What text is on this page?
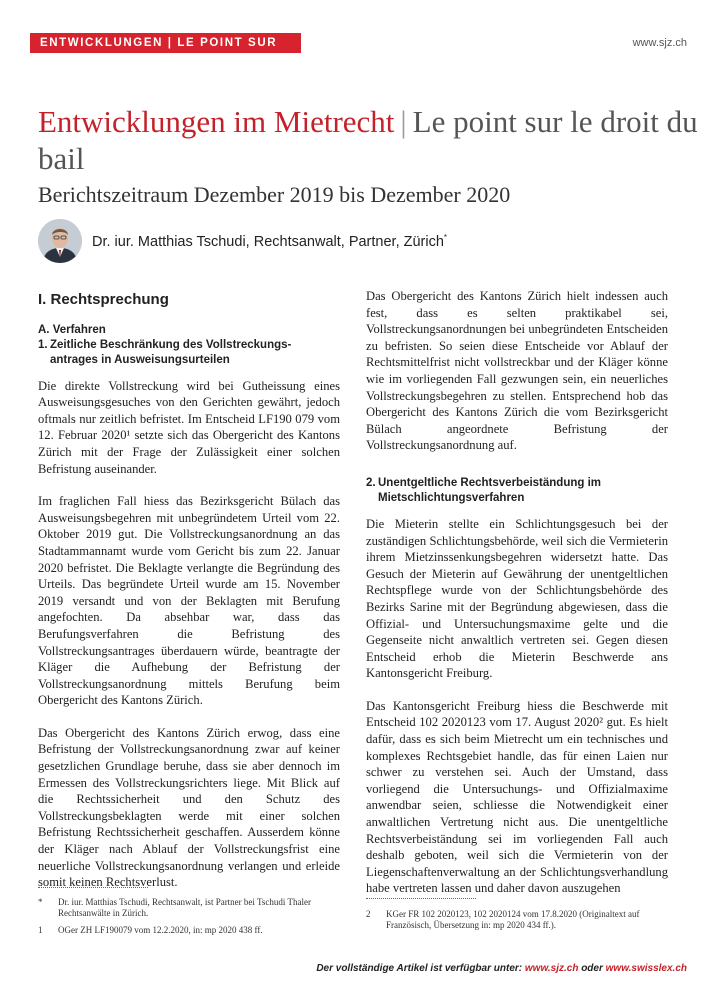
ENTWICKLUNGEN | LE POINT SUR	www.sjz.ch
Entwicklungen im Mietrecht | Le point sur le droit du bail
Berichtszeitraum Dezember 2019 bis Dezember 2020
Dr. iur. Matthias Tschudi, Rechtsanwalt, Partner, Zürich*
I. Rechtsprechung
A. Verfahren
1. Zeitliche Beschränkung des Vollstreckungs-
antrages in Ausweisungsurteilen

Die direkte Vollstreckung wird bei Gutheissung eines Ausweisungsgesuches von den Gerichten gewährt, jedoch oftmals nur zeitlich befristet. Im Entscheid LF190 079 vom 12. Februar 2020¹ setzte sich das Obergericht des Kantons Zürich mit der Frage der Zulässigkeit einer solchen Befristung auseinander.

Im fraglichen Fall hiess das Bezirksgericht Bülach das Ausweisungsbegehren mit unbegründetem Urteil vom 22. Oktober 2019 gut. Die Vollstreckungsanordnung an das Stadtammannamt wurde vom Gericht bis zum 22. Januar 2020 befristet. Die Beklagte verlangte die Begründung des Urteils. Das begründete Urteil wurde am 15. November 2019 versandt und von der Beklagten mit Berufung angefochten. Da absehbar war, dass das Berufungsverfahren die Befristung des Vollstreckungsantrages überdauern würde, beantragte der Kläger die Aufhebung der Befristung der Vollstreckungsanordnung mittels Berufung beim Obergericht des Kantons Zürich.

Das Obergericht des Kantons Zürich erwog, dass eine Befristung der Vollstreckungsanordnung zwar auf keiner gesetzlichen Grundlage beruhe, dass sie aber dennoch im Ermessen des Vollstreckungsrichters liege. Mit Blick auf die Rechtssicherheit und den Schutz des Vollstreckungsbeklagten werde mit einer solchen Befristung Rechtssicherheit geschaffen. Ausserdem könne der Kläger nach Ablauf der Vollstreckungsfrist eine neuerliche Vollstreckungsanordnung verlangen und erleide somit keinen Rechtsverlust.

Das Obergericht des Kantons Zürich hielt indessen auch fest, dass es selten praktikabel sei, Vollstreckungsanordnungen bei unbegründeten Entscheiden zu befristen. So seien diese Entscheide vor Ablauf der Rechtsmittelfrist nicht vollstreckbar und der Kläger könne wie im vorliegenden Fall gezwungen sein, ein neuerliches Vollstreckungsbegehren zu stellen. Entsprechend hob das Obergericht des Kantons Zürich die vom Bezirksgericht Bülach angeordnete Befristung der Vollstreckungsanordnung auf.

2. Unentgeltliche Rechtsverbeiständung im
Mietschlichtungsverfahren

Die Mieterin stellte ein Schlichtungsgesuch bei der zuständigen Schlichtungsbehörde, weil sich die Vermieterin ihrem Mietzinssenkungsbegehren widersetzt hatte. Das Gesuch der Mieterin auf Gewährung der unentgeltlichen Rechtspflege wurde von der Schlichtungsbehörde des Bezirks Sarine mit der Begründung abgewiesen, dass die Offizial- und Untersuchungsmaxime gelte und die Gegenseite nicht anwaltlich vertreten sei. Gegen diesen Entscheid erhob die Mieterin Beschwerde ans Kantonsgericht Freiburg.

Das Kantonsgericht Freiburg hiess die Beschwerde mit Entscheid 102 2020123 vom 17. August 2020² gut. Es hielt dafür, dass es sich beim Mietrecht um ein technisches und komplexes Rechtsgebiet handle, das für einen Laien nur schwer zu verstehen sei. Auch der Umstand, dass vorliegend die Untersuchungs- und Offizialmaxime anwendbar seien, schliesse die Notwendigkeit einer anwaltlichen Vertretung nicht aus. Die unentgeltliche Rechtsverbeiständung sei im vorliegenden Fall auch deshalb geboten, weil sich die Vermieterin von der Liegenschaftenverwaltung an der Schlichtungsverhandlung habe vertreten lassen und daher davon auszugehen

* Dr. iur. Matthias Tschudi, Rechtsanwalt, ist Partner bei Tschudi Thaler Rechtsanwälte in Zürich.
1 OGer ZH LF190079 vom 12.2.2020, in: mp 2020 438 ff.
2 KGer FR 102 2020123, 102 2020124 vom 17.8.2020 (Originaltext auf Französisch, Übersetzung in: mp 2020 434 ff.).
Der vollständige Artikel ist verfügbar unter: www.sjz.ch oder www.swisslex.ch
